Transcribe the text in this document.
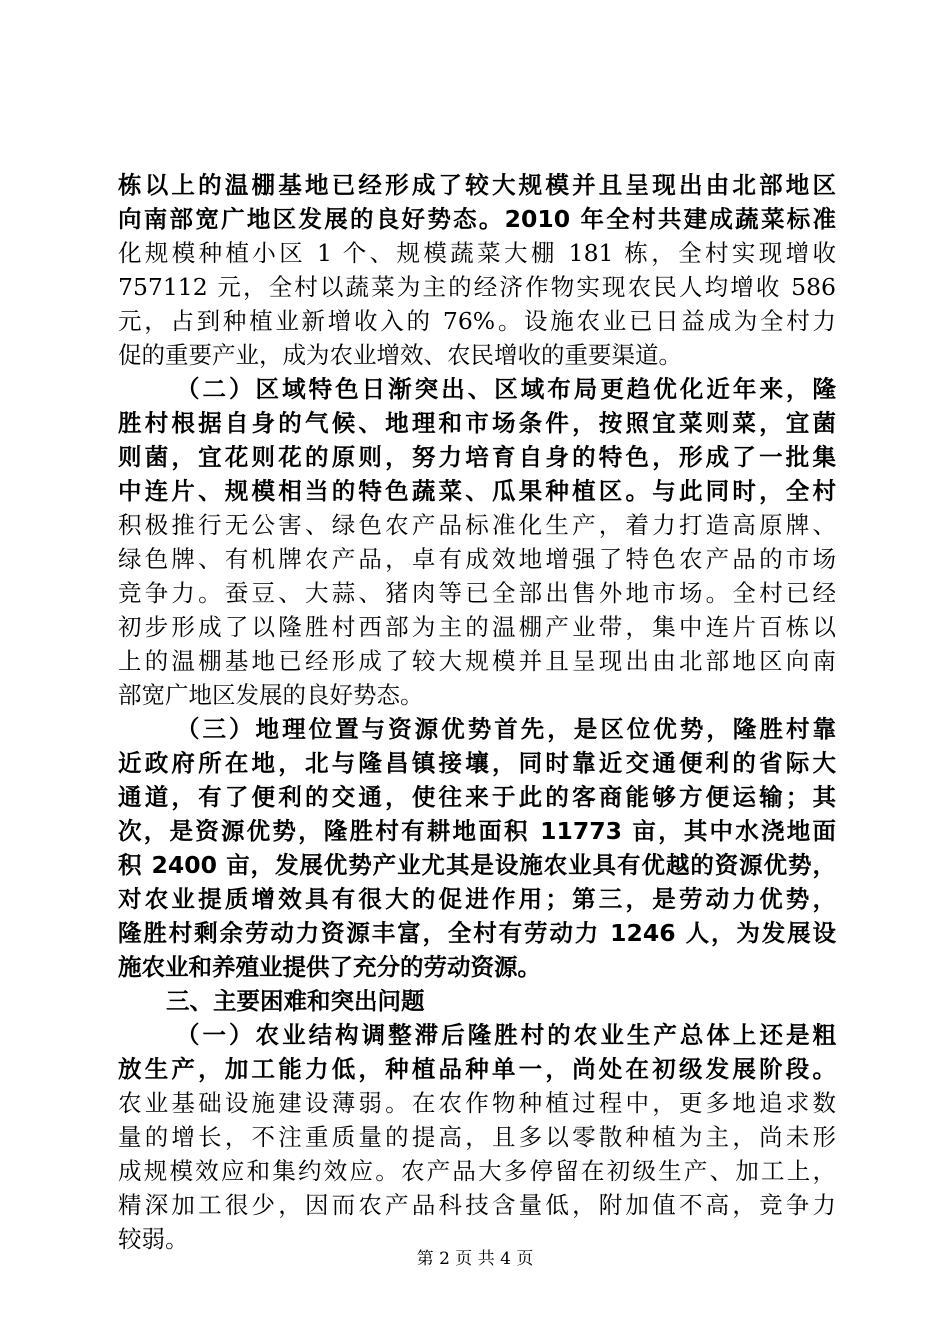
栋以上的温棚基地已经形成了较大规模并且呈现出由北部地区

向南部宽广地区发展的良好势态。2010 年全村共建成蔬菜标准

化规模种植小区 1 个、规模蔬菜大棚 181 栋，全村实现增收

757112 元，全村以蔬菜为主的经济作物实现农民人均增收 586

元，占到种植业新增收入的 76%。设施农业已日益成为全村力

促的重要产业，成为农业增效、农民增收的重要渠道。

（二）区域特色日渐突出、区域布局更趋优化近年来，隆

胜村根据自身的气候、地理和市场条件，按照宜菜则菜，宜菌

则菌，宜花则花的原则，努力培育自身的特色，形成了一批集

中连片、规模相当的特色蔬菜、瓜果种植区。与此同时，全村

积极推行无公害、绿色农产品标准化生产，着力打造高原牌、

绿色牌、有机牌农产品，卓有成效地增强了特色农产品的市场

竞争力。蚕豆、大蒜、猪肉等已全部出售外地市场。全村已经

初步形成了以隆胜村西部为主的温棚产业带，集中连片百栋以

上的温棚基地已经形成了较大规模并且呈现出由北部地区向南

部宽广地区发展的良好势态。

（三）地理位置与资源优势首先，是区位优势，隆胜村靠

近政府所在地，北与隆昌镇接壤，同时靠近交通便利的省际大

通道，有了便利的交通，使往来于此的客商能够方便运输；其

次，是资源优势，隆胜村有耕地面积 11773 亩，其中水浇地面

积 2400 亩，发展优势产业尤其是设施农业具有优越的资源优势，

对农业提质增效具有很大的促进作用；第三，是劳动力优势，

隆胜村剩余劳动力资源丰富，全村有劳动力 1246 人，为发展设

施农业和养殖业提供了充分的劳动资源。

三、主要困难和突出问题

（一）农业结构调整滞后隆胜村的农业生产总体上还是粗

放生产，加工能力低，种植品种单一，尚处在初级发展阶段。

农业基础设施建设薄弱。在农作物种植过程中，更多地追求数

量的增长，不注重质量的提高，且多以零散种植为主，尚未形

成规模效应和集约效应。农产品大多停留在初级生产、加工上，

精深加工很少，因而农产品科技含量低，附加值不高，竞争力

较弱。

第 2 页 共 4 页
